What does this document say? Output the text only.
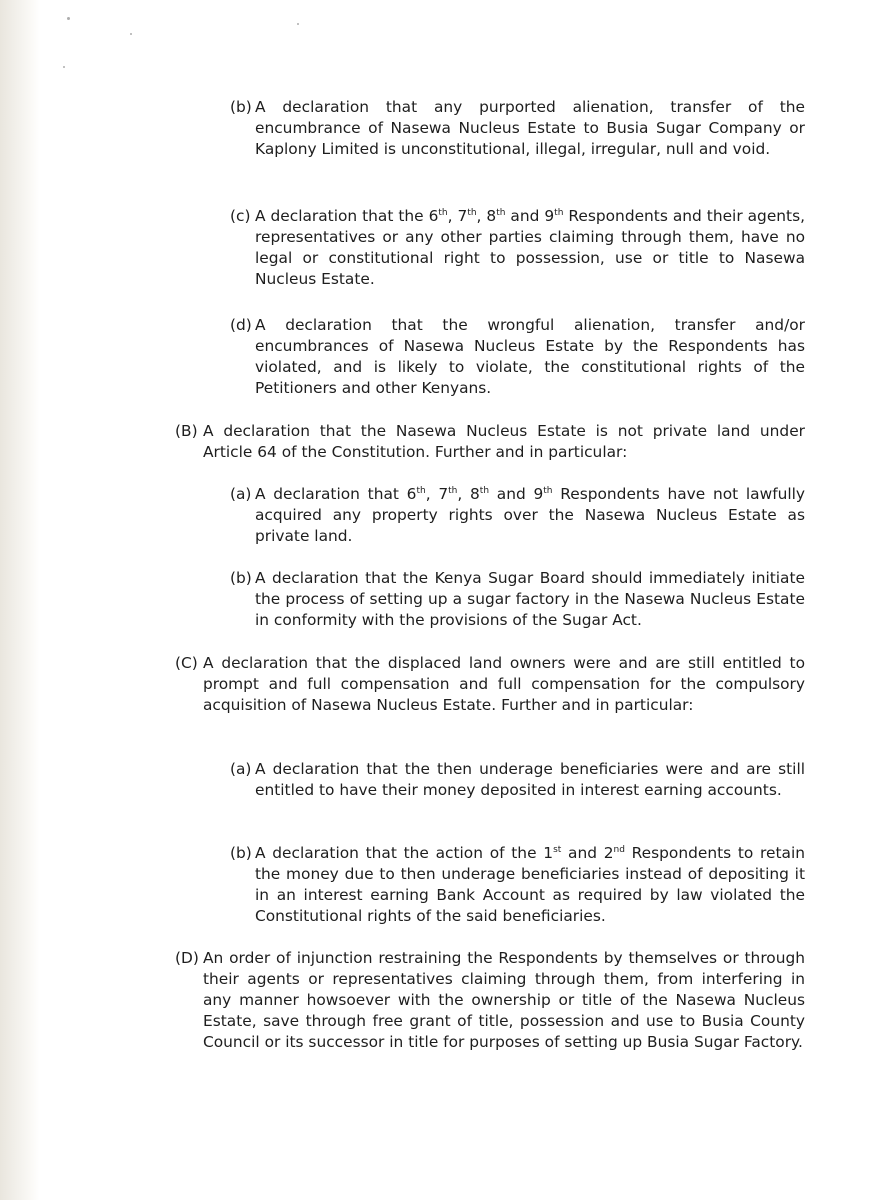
(b) A declaration that any purported alienation, transfer of the encumbrance of Nasewa Nucleus Estate to Busia Sugar Company or Kaplony Limited is unconstitutional, illegal, irregular, null and void.
(c) A declaration that the 6th, 7th, 8th and 9th Respondents and their agents, representatives or any other parties claiming through them, have no legal or constitutional right to possession, use or title to Nasewa Nucleus Estate.
(d) A declaration that the wrongful alienation, transfer and/or encumbrances of Nasewa Nucleus Estate by the Respondents has violated, and is likely to violate, the constitutional rights of the Petitioners and other Kenyans.
(B) A declaration that the Nasewa Nucleus Estate is not private land under Article 64 of the Constitution. Further and in particular:
(a) A declaration that 6th, 7th, 8th and 9th Respondents have not lawfully acquired any property rights over the Nasewa Nucleus Estate as private land.
(b) A declaration that the Kenya Sugar Board should immediately initiate the process of setting up a sugar factory in the Nasewa Nucleus Estate in conformity with the provisions of the Sugar Act.
(C) A declaration that the displaced land owners were and are still entitled to prompt and full compensation and full compensation for the compulsory acquisition of Nasewa Nucleus Estate. Further and in particular:
(a) A declaration that the then underage beneficiaries were and are still entitled to have their money deposited in interest earning accounts.
(b) A declaration that the action of the 1st and 2nd Respondents to retain the money due to then underage beneficiaries instead of depositing it in an interest earning Bank Account as required by law violated the Constitutional rights of the said beneficiaries.
(D) An order of injunction restraining the Respondents by themselves or through their agents or representatives claiming through them, from interfering in any manner howsoever with the ownership or title of the Nasewa Nucleus Estate, save through free grant of title, possession and use to Busia County Council or its successor in title for purposes of setting up Busia Sugar Factory.
